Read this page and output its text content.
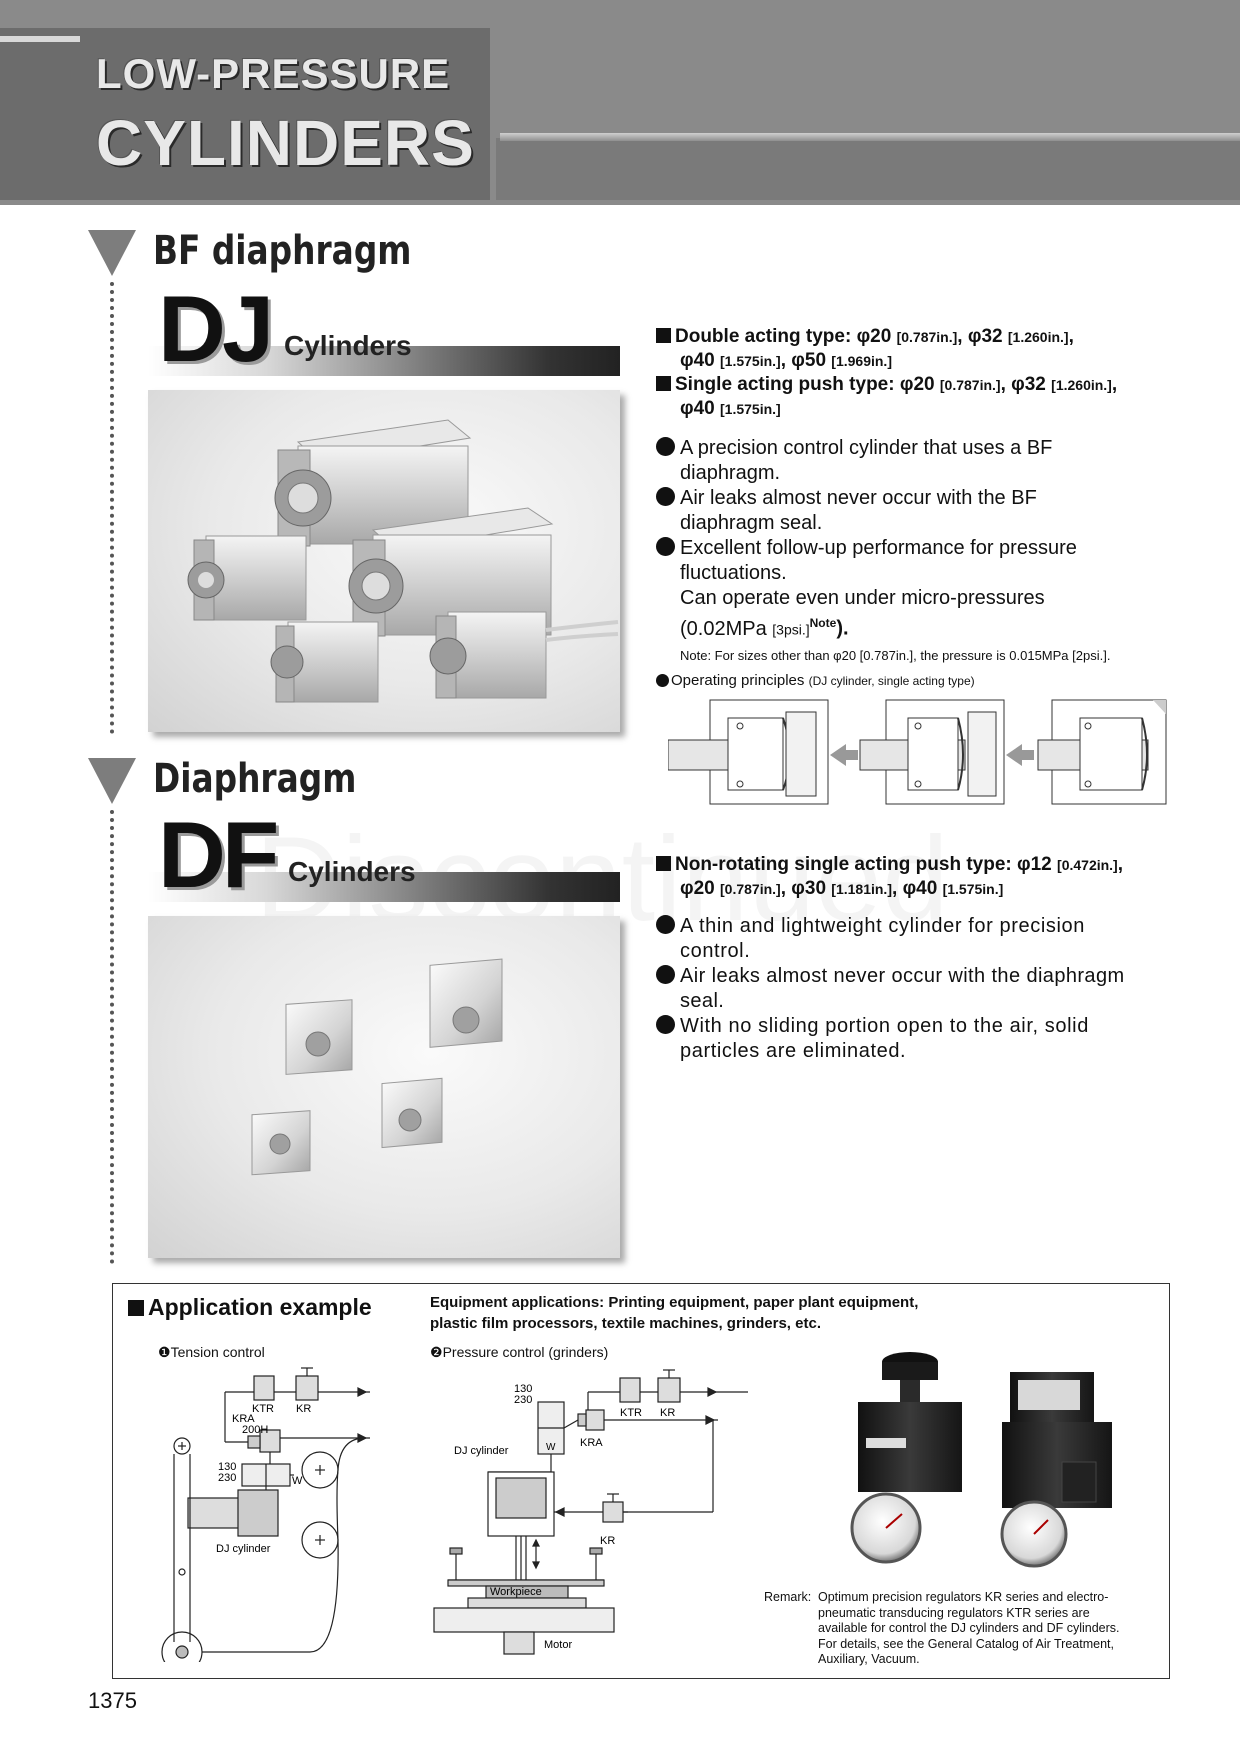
LOW-PRESSURE
CYLINDERS
BF diaphragm
DJ Cylinders	Double acting type: φ20 [0.787in.], φ32 [1.260in.],
φ40 [1.575in.], φ50 [1.969in.]
Single acting push type: φ20 [0.787in.], φ32 [1.260in.],
φ40 [1.575in.]
A precision control cylinder that uses a BF
diaphragm.
Air leaks almost never occur with the BF
diaphragm seal.
Excellent follow-up performance for pressure
fluctuations.
Can operate even under micro-pressures
(0.02MPa $[3psi.]^{Note}$).
Note: For sizes other than φ20 [0.787in.], the pressure is 0.015MPa [2psi.].
Operating principles (DJ cylinder, single acting type)
Diaphragm
DF Cylinders	Non-rotating single acting push type: φ12 [0.472in.],
φ20 [0.787in.], φ30 [1.181in.], φ40 [1.575in.]
A thin and lightweight cylinder for precision
control.
Air leaks almost never occur with the diaphragm
seal.
With no sliding portion open to the air, solid
particles are eliminated.
Application example	Equipment applications: Printing equipment, paper plant equipment,
plastic film processors, textile machines, grinders, etc.
❶Tension control	❷Pressure control (grinders)
KTR KR
KRA
200H
130
230	W
DJ cylinder
130
230
W
KTR KR
KRA
DJ cylinder
KR
Workpiece
Motor
Remark: Optimum precision regulators KR series and electro-
pneumatic transducing regulators KTR series are
available for control the DJ cylinders and DF cylinders.
For details, see the General Catalog of Air Treatment,
Auxiliary, Vacuum.
1375
